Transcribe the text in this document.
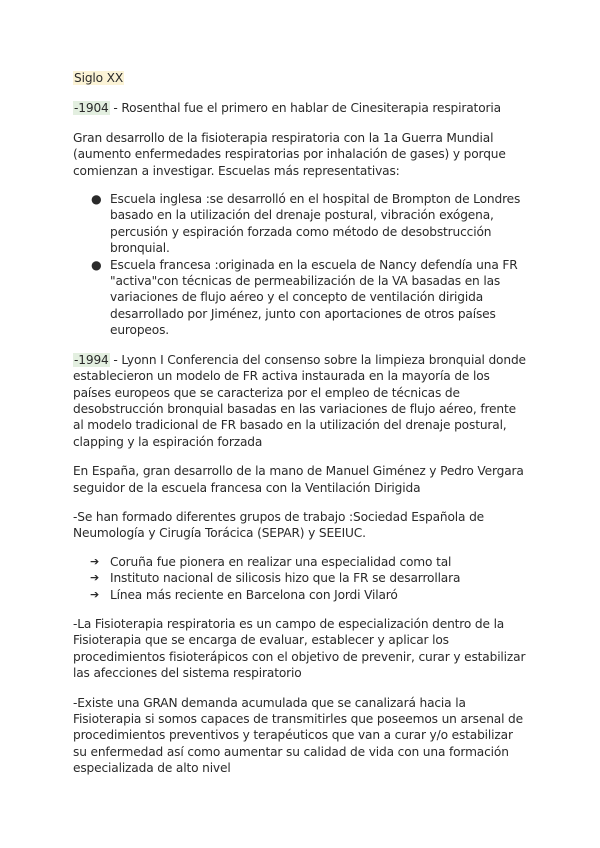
Siglo XX

-1904 - Rosenthal fue el primero en hablar de Cinesiterapia respiratoria

Gran desarrollo de la fisioterapia respiratoria con la 1a Guerra Mundial (aumento enfermedades respiratorias por inhalación de gases) y porque comienzan a investigar. Escuelas más representativas:

● Escuela inglesa :se desarrolló en el hospital de Brompton de Londres basado en la utilización del drenaje postural, vibración exógena, percusión y espiración forzada como método de desobstrucción bronquial.
● Escuela francesa :originada en la escuela de Nancy defendía una FR "activa"con técnicas de permeabilización de la VA basadas en las variaciones de flujo aéreo y el concepto de ventilación dirigida desarrollado por Jiménez, junto con aportaciones de otros países europeos.

-1994 - Lyonn I Conferencia del consenso sobre la limpieza bronquial donde establecieron un modelo de FR activa instaurada en la mayoría de los países europeos que se caracteriza por el empleo de técnicas de desobstrucción bronquial basadas en las variaciones de flujo aéreo, frente al modelo tradicional de FR basado en la utilización del drenaje postural, clapping y la espiración forzada

En España, gran desarrollo de la mano de Manuel Giménez y Pedro Vergara seguidor de la escuela francesa con la Ventilación Dirigida

-Se han formado diferentes grupos de trabajo :Sociedad Española de Neumología y Cirugía Torácica (SEPAR) y SEEIUC.

➔ Coruña fue pionera en realizar una especialidad como tal
➔ Instituto nacional de silicosis hizo que la FR se desarrollara
➔ Línea más reciente en Barcelona con Jordi Vilaró

-La Fisioterapia respiratoria es un campo de especialización dentro de la Fisioterapia que se encarga de evaluar, establecer y aplicar los procedimientos fisioterápicos con el objetivo de prevenir, curar y estabilizar las afecciones del sistema respiratorio

-Existe una GRAN demanda acumulada que se canalizará hacia la Fisioterapia si somos capaces de transmitirles que poseemos un arsenal de procedimientos preventivos y terapéuticos que van a curar y/o estabilizar su enfermedad así como aumentar su calidad de vida con una formación especializada de alto nivel
